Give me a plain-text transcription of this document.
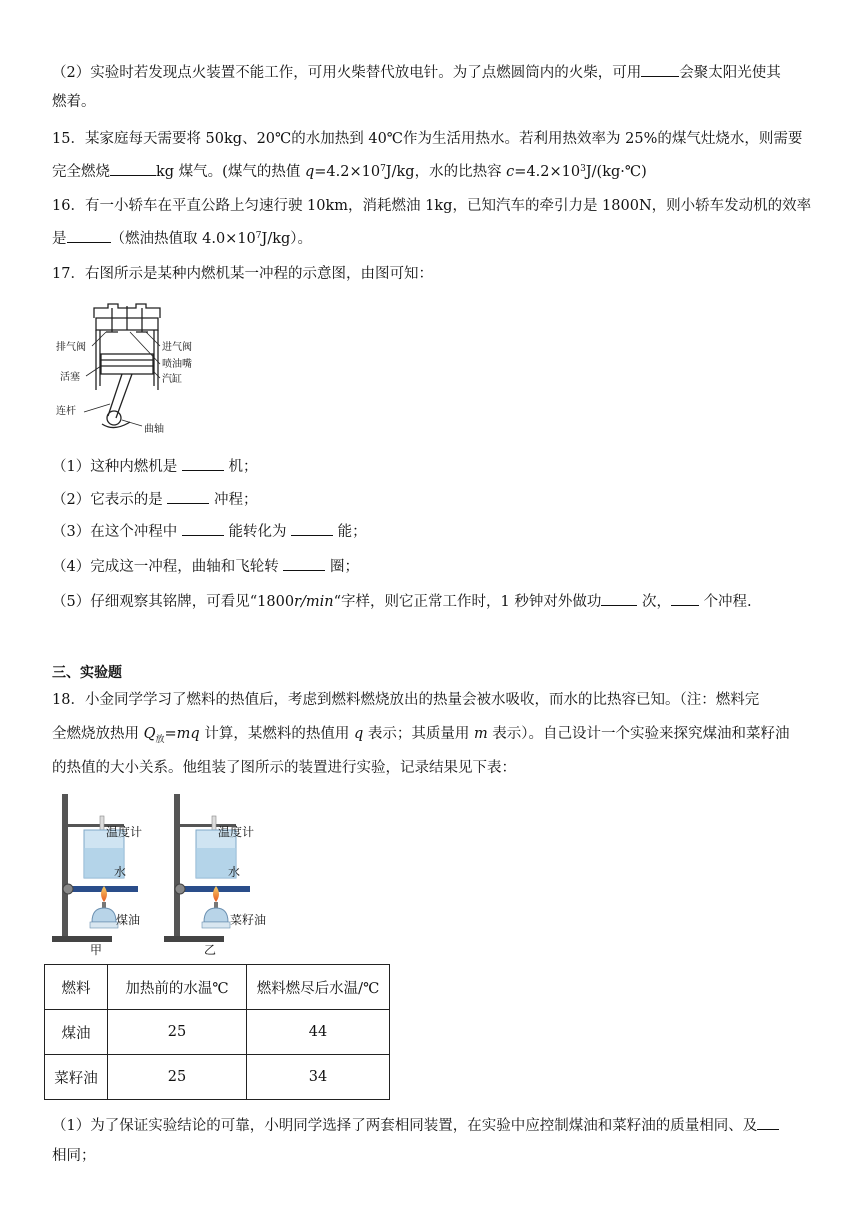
（2）实验时若发现点火装置不能工作，可用火柴替代放电针。为了点燃圆筒内的火柴，可用	会聚太阳光使其
燃着。
15．某家庭每天需要将 50kg、20℃的水加热到 40℃作为生活用热水。若利用热效率为 25%的煤气灶烧水，则需要
完全燃烧	kg 煤气。(煤气的热值 $q=4.2\times 10^7J/kg$，水的比热容 $c=4.2\times 10^3J/(kg\cdot℃)$
16．有一小轿车在平直公路上匀速行驶 10km，消耗燃油 1kg，已知汽车的牵引力是 1800N，则小轿车发动机的效率
是	（燃油热值取 $4.0\times 10^7J/kg$）。
17．右图所示是某种内燃机某一冲程的示意图，由图可知：
排气阀	进气阀
喷油嘴
活塞	汽缸
连杆
曲轴
（1）这种内燃机是	机；
（2）它表示的是	冲程；
（3）在这个冲程中	能转化为	能；
（4）完成这一冲程，曲轴和飞轮转	圈；
（5）仔细观察其铭牌，可看见“1800r/min“字样，则它正常工作时，1 秒钟对外做功	次， 个冲程.
三、实验题
18．小金同学学习了燃料的热值后，考虑到燃料燃烧放出的热量会被水吸收，而水的比热容已知。（注：燃料完
全燃烧放热用 $Q_放=mq$ 计算，某燃料的热值用 q 表示；其质量用 m 表示）。自己设计一个实验来探究煤油和菜籽油
的热值的大小关系。他组装了图所示的装置进行实验，记录结果见下表：
温度计
水
煤油
甲
温度计
水
菜籽油
乙
燃料	加热前的水温℃	燃料燃尽后水温/℃
煤油	25	44
菜籽油	25	34
（1）为了保证实验结论的可靠，小明同学选择了两套相同装置，在实验中应控制煤油和菜籽油的质量相同、及
相同；
